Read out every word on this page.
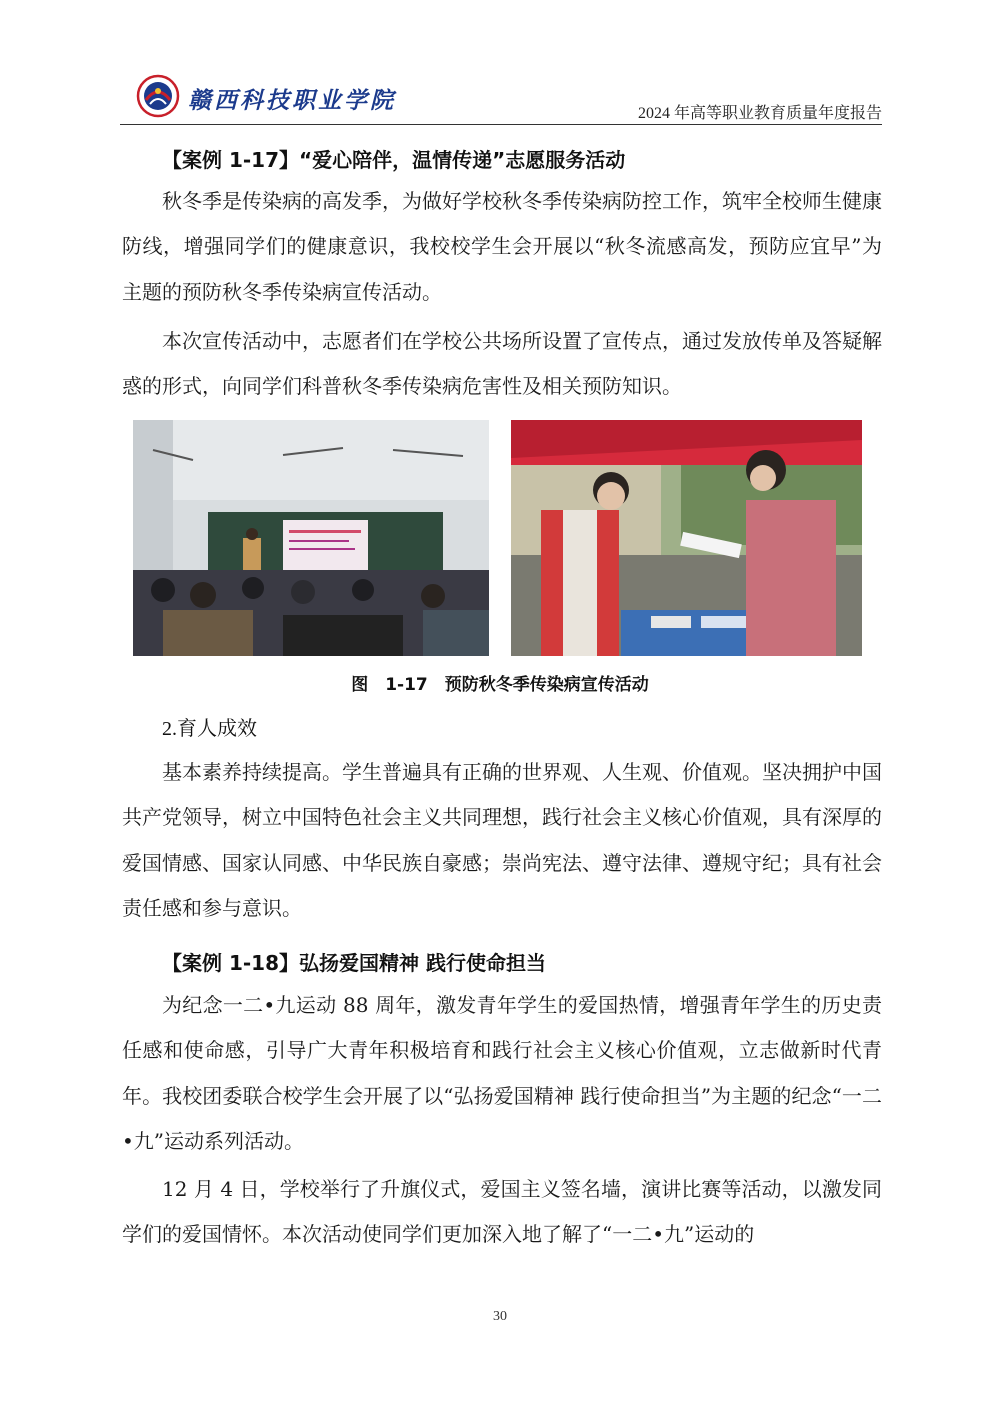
赣西科技职业学院	2024 年高等职业教育质量年度报告
【案例 1-17】“爱心陪伴，温情传递”志愿服务活动

秋冬季是传染病的高发季，为做好学校秋冬季传染病防控工作，筑牢全校师生健康防线，增强同学们的健康意识，我校校学生会开展以“秋冬流感高发，预防应宜早”为主题的预防秋冬季传染病宣传活动。

本次宣传活动中，志愿者们在学校公共场所设置了宣传点，通过发放传单及答疑解惑的形式，向同学们科普秋冬季传染病危害性及相关预防知识。

图　1-17　预防秋冬季传染病宣传活动
2.育人成效

基本素养持续提高。学生普遍具有正确的世界观、人生观、价值观。坚决拥护中国共产党领导，树立中国特色社会主义共同理想，践行社会主义核心价值观，具有深厚的爱国情感、国家认同感、中华民族自豪感；崇尚宪法、遵守法律、遵规守纪；具有社会责任感和参与意识。

【案例 1-18】弘扬爱国精神 践行使命担当

为纪念一二•九运动 88 周年，激发青年学生的爱国热情，增强青年学生的历史责任感和使命感，引导广大青年积极培育和践行社会主义核心价值观，立志做新时代青年。我校团委联合校学生会开展了以“弘扬爱国精神 践行使命担当”为主题的纪念“一二•九”运动系列活动。

12 月 4 日，学校举行了升旗仪式，爱国主义签名墙，演讲比赛等活动，以激发同学们的爱国情怀。本次活动使同学们更加深入地了解了“一二•九”运动的

30
